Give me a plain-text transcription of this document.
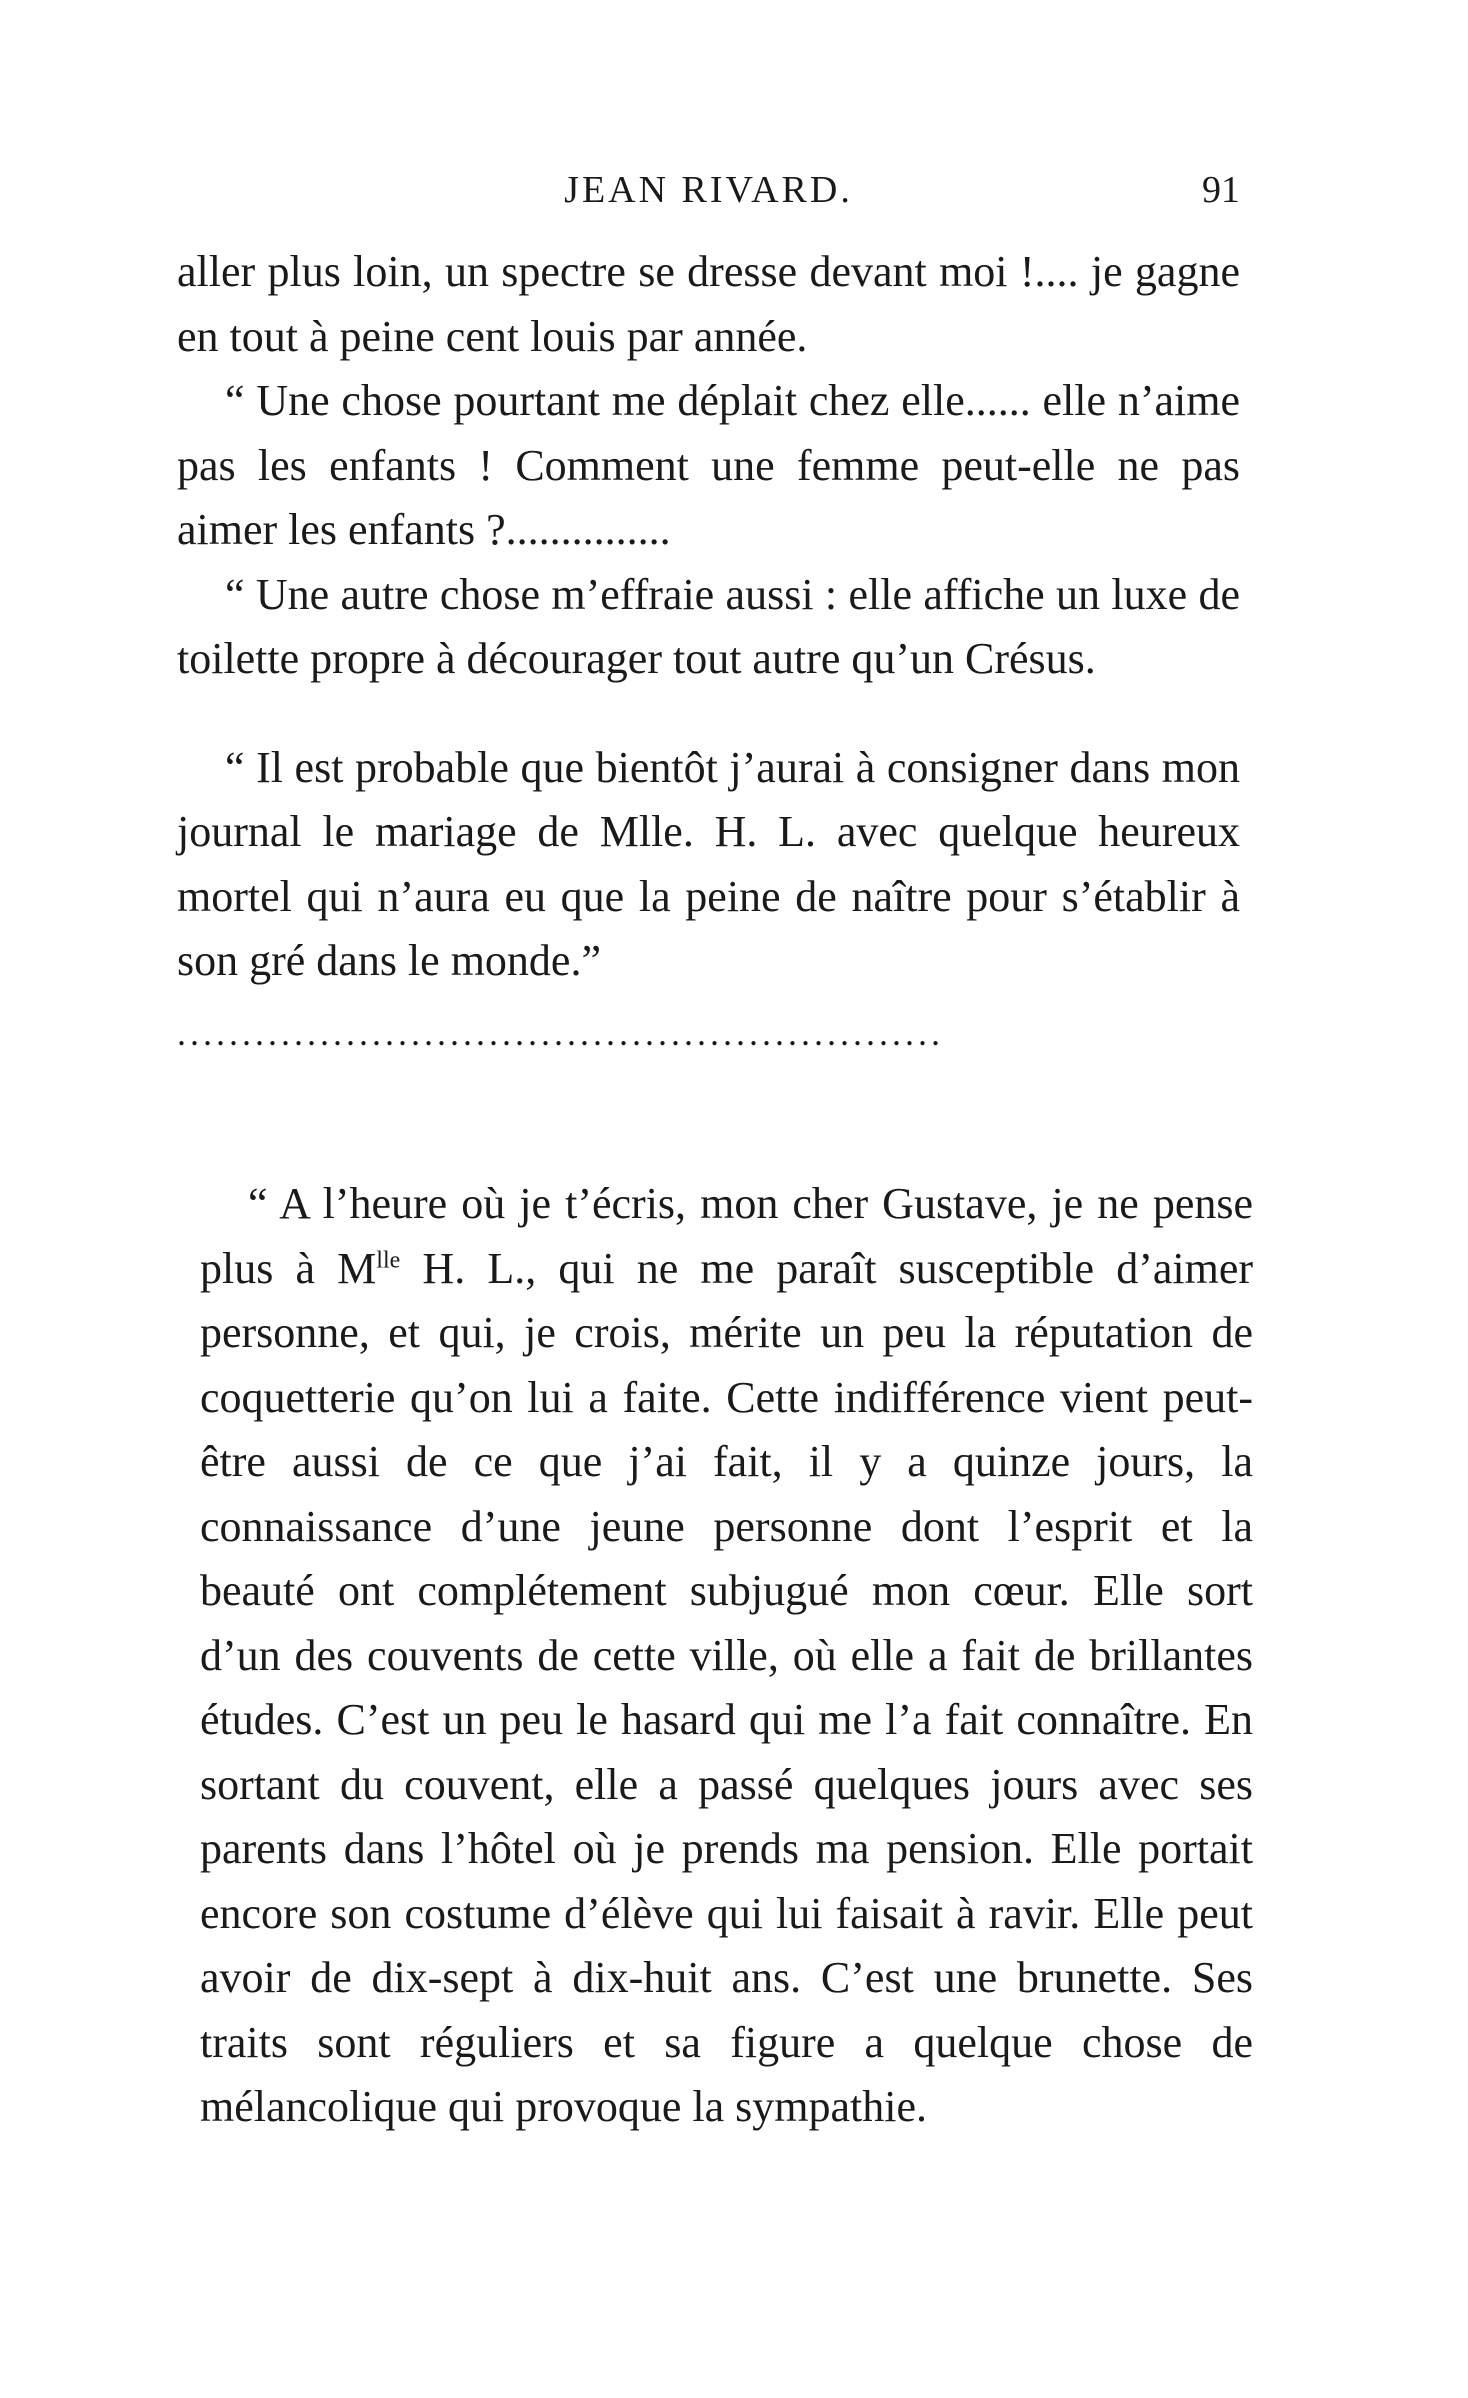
JEAN RIVARD.	91

aller plus loin, un spectre se dresse devant moi !.... je gagne en tout à peine cent louis par année.

“ Une chose pourtant me déplait chez elle...... elle n’aime pas les enfants ! Comment une femme peut-elle ne pas aimer les enfants ?...............

“ Une autre chose m’effraie aussi : elle affiche un luxe de toilette propre à décourager tout autre qu’un Crésus.

“ Il est probable que bientôt j’aurai à consigner dans mon journal le mariage de Mlle. H. L. avec quelque heureux mortel qui n’aura eu que la peine de naître pour s’établir à son gré dans le monde.”

...........................................................

“ A l’heure où je t’écris, mon cher Gustave, je ne pense plus à $M^{lle}$ H. L., qui ne me paraît susceptible d’aimer personne, et qui, je crois, mérite un peu la réputation de coquetterie qu’on lui a faite. Cette indifférence vient peut-être aussi de ce que j’ai fait, il y a quinze jours, la connaissance d’une jeune personne dont l’esprit et la beauté ont complétement subjugué mon cœur. Elle sort d’un des couvents de cette ville, où elle a fait de brillantes études. C’est un peu le hasard qui me l’a fait connaître. En sortant du couvent, elle a passé quelques jours avec ses parents dans l’hôtel où je prends ma pension. Elle portait encore son costume d’élève qui lui faisait à ravir. Elle peut avoir de dix-sept à dix-huit ans. C’est une brunette. Ses traits sont réguliers et sa figure a quelque chose de mélancolique qui provoque la sympathie.
